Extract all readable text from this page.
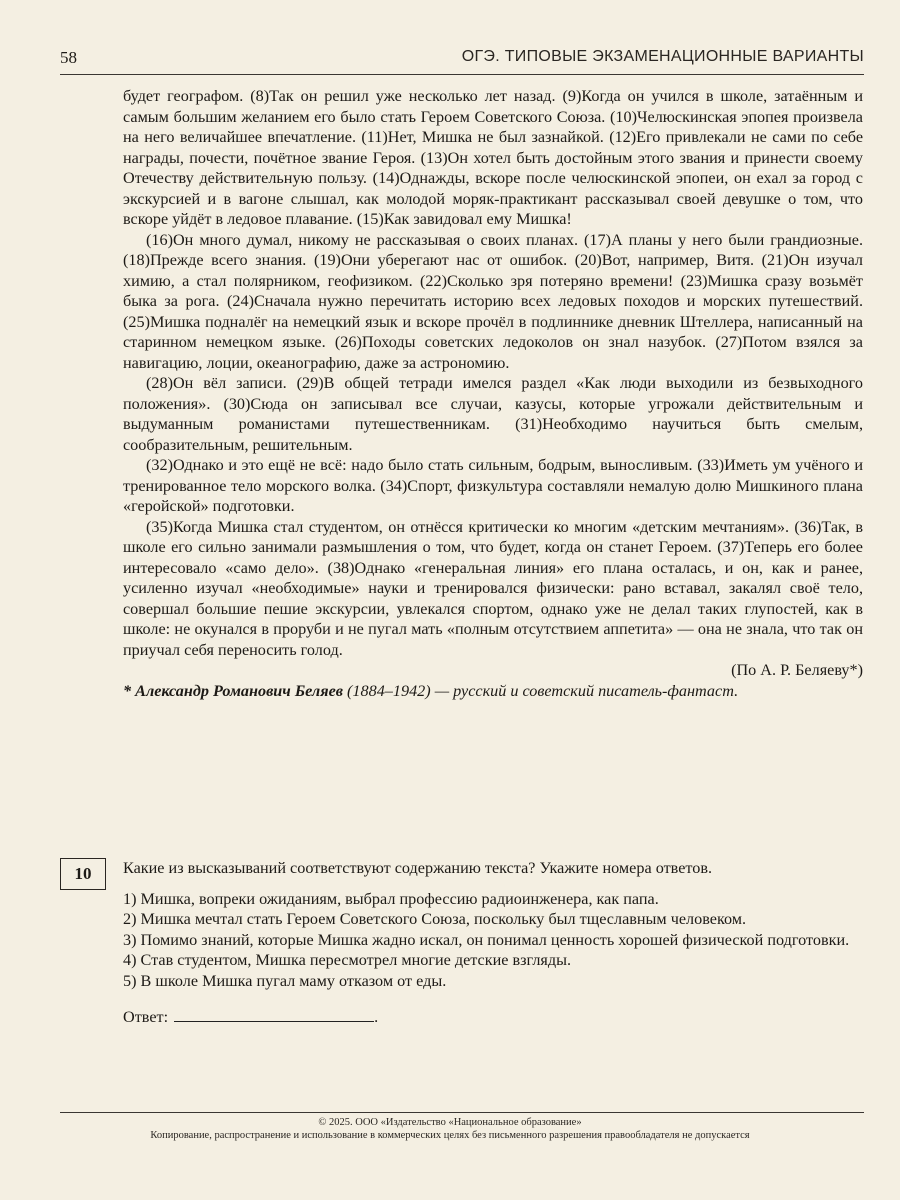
58	ОГЭ. ТИПОВЫЕ ЭКЗАМЕНАЦИОННЫЕ ВАРИАНТЫ

будет географом. (8)Так он решил уже несколько лет назад. (9)Когда он учился в школе, затаённым и самым большим желанием его было стать Героем Советского Союза. (10)Челюскинская эпопея произвела на него величайшее впечатление. (11)Нет, Мишка не был зазнайкой. (12)Его привлекали не сами по себе награды, почести, почётное звание Героя. (13)Он хотел быть достойным этого звания и принести своему Отечеству действительную пользу. (14)Однажды, вскоре после челюскинской эпопеи, он ехал за город с экскурсией и в вагоне слышал, как молодой моряк-практикант рассказывал своей девушке о том, что вскоре уйдёт в ледовое плавание. (15)Как завидовал ему Мишка!

(16)Он много думал, никому не рассказывая о своих планах. (17)А планы у него были грандиозные. (18)Прежде всего знания. (19)Они уберегают нас от ошибок. (20)Вот, например, Витя. (21)Он изучал химию, а стал полярником, геофизиком. (22)Сколько зря потеряно времени! (23)Мишка сразу возьмёт быка за рога. (24)Сначала нужно перечитать историю всех ледовых походов и морских путешествий. (25)Мишка подналёг на немецкий язык и вскоре прочёл в подлиннике дневник Штеллера, написанный на старинном немецком языке. (26)Походы советских ледоколов он знал назубок. (27)Потом взялся за навигацию, лоции, океанографию, даже за астрономию.

(28)Он вёл записи. (29)В общей тетради имелся раздел «Как люди выходили из безвыходного положения». (30)Сюда он записывал все случаи, казусы, которые угрожали действительным и выдуманным романистами путешественникам. (31)Необходимо научиться быть смелым, сообразительным, решительным.

(32)Однако и это ещё не всё: надо было стать сильным, бодрым, выносливым. (33)Иметь ум учёного и тренированное тело морского волка. (34)Спорт, физкультура составляли немалую долю Мишкиного плана «геройской» подготовки.

(35)Когда Мишка стал студентом, он отнёсся критически ко многим «детским мечтаниям». (36)Так, в школе его сильно занимали размышления о том, что будет, когда он станет Героем. (37)Теперь его более интересовало «само дело». (38)Однако «генеральная линия» его плана осталась, и он, как и ранее, усиленно изучал «необходимые» науки и тренировался физически: рано вставал, закалял своё тело, совершал большие пешие экскурсии, увлекался спортом, однако уже не делал таких глупостей, как в школе: не окунался в проруби и не пугал мать «полным отсутствием аппетита» — она не знала, что так он приучал себя переносить голод.

(По А. Р. Беляеву*)

* Александр Романович Беляев (1884–1942) — русский и советский писатель-фантаст.

10	Какие из высказываний соответствуют содержанию текста? Укажите номера ответов.

1) Мишка, вопреки ожиданиям, выбрал профессию радиоинженера, как папа.

2) Мишка мечтал стать Героем Советского Союза, поскольку был тщеславным человеком.

3) Помимо знаний, которые Мишка жадно искал, он понимал ценность хорошей физической подготовки.

4) Став студентом, Мишка пересмотрел многие детские взгляды.

5) В школе Мишка пугал маму отказом от еды.

Ответ:	.
© 2025. ООО «Издательство «Национальное образование»
Копирование, распространение и использование в коммерческих целях без письменного разрешения правообладателя не допускается
